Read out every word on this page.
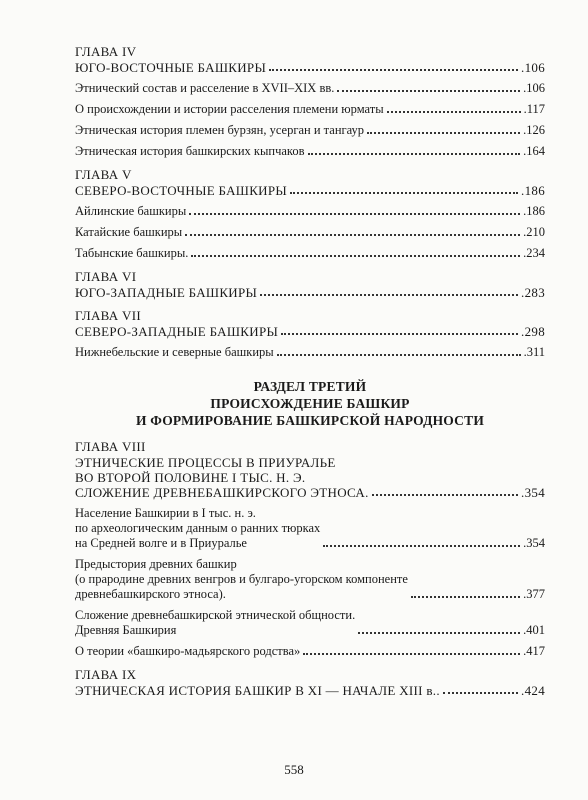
ГЛАВА IV
ЮГО-ВОСТОЧНЫЕ БАШКИРЫ	.106
Этнический состав и расселение в XVII–XIX вв.	.106
О происхождении и истории расселения племени юрматы	.117
Этническая история племен бурзян, усерган и тангаур	.126
Этническая история башкирских кыпчаков	.164
ГЛАВА V
СЕВЕРО-ВОСТОЧНЫЕ БАШКИРЫ	.186
Айлинские башкиры	.186
Катайские башкиры	.210
Табынские башкиры.	.234
ГЛАВА VI
ЮГО-ЗАПАДНЫЕ БАШКИРЫ	.283
ГЛАВА VII
СЕВЕРО-ЗАПАДНЫЕ БАШКИРЫ	.298
Нижнебельские и северные башкиры	.311
РАЗДЕЛ ТРЕТИЙ
ПРОИСХОЖДЕНИЕ БАШКИР
И ФОРМИРОВАНИЕ БАШКИРСКОЙ НАРОДНОСТИ
ГЛАВА VIII
ЭТНИЧЕСКИЕ ПРОЦЕССЫ В ПРИУРАЛЬЕ
ВО ВТОРОЙ ПОЛОВИНЕ I ТЫС. Н. Э.
СЛОЖЕНИЕ ДРЕВНЕБАШКИРСКОГО ЭТНОСА.	.354
Население Башкирии в I тыс. н. э.
по археологическим данным о ранних тюрках
на Средней волге и в Приуралье	.354
Предыстория древних башкир
(о прародине древних венгров и булгаро-угорском компоненте
древнебашкирского этноса).	.377
Сложение древнебашкирской этнической общности.
Древняя Башкирия	.401
О теории «башкиро-мадьярского родства»	.417
ГЛАВА IX
ЭТНИЧЕСКАЯ ИСТОРИЯ БАШКИР В XI — НАЧАЛЕ XIII в..	.424
558
